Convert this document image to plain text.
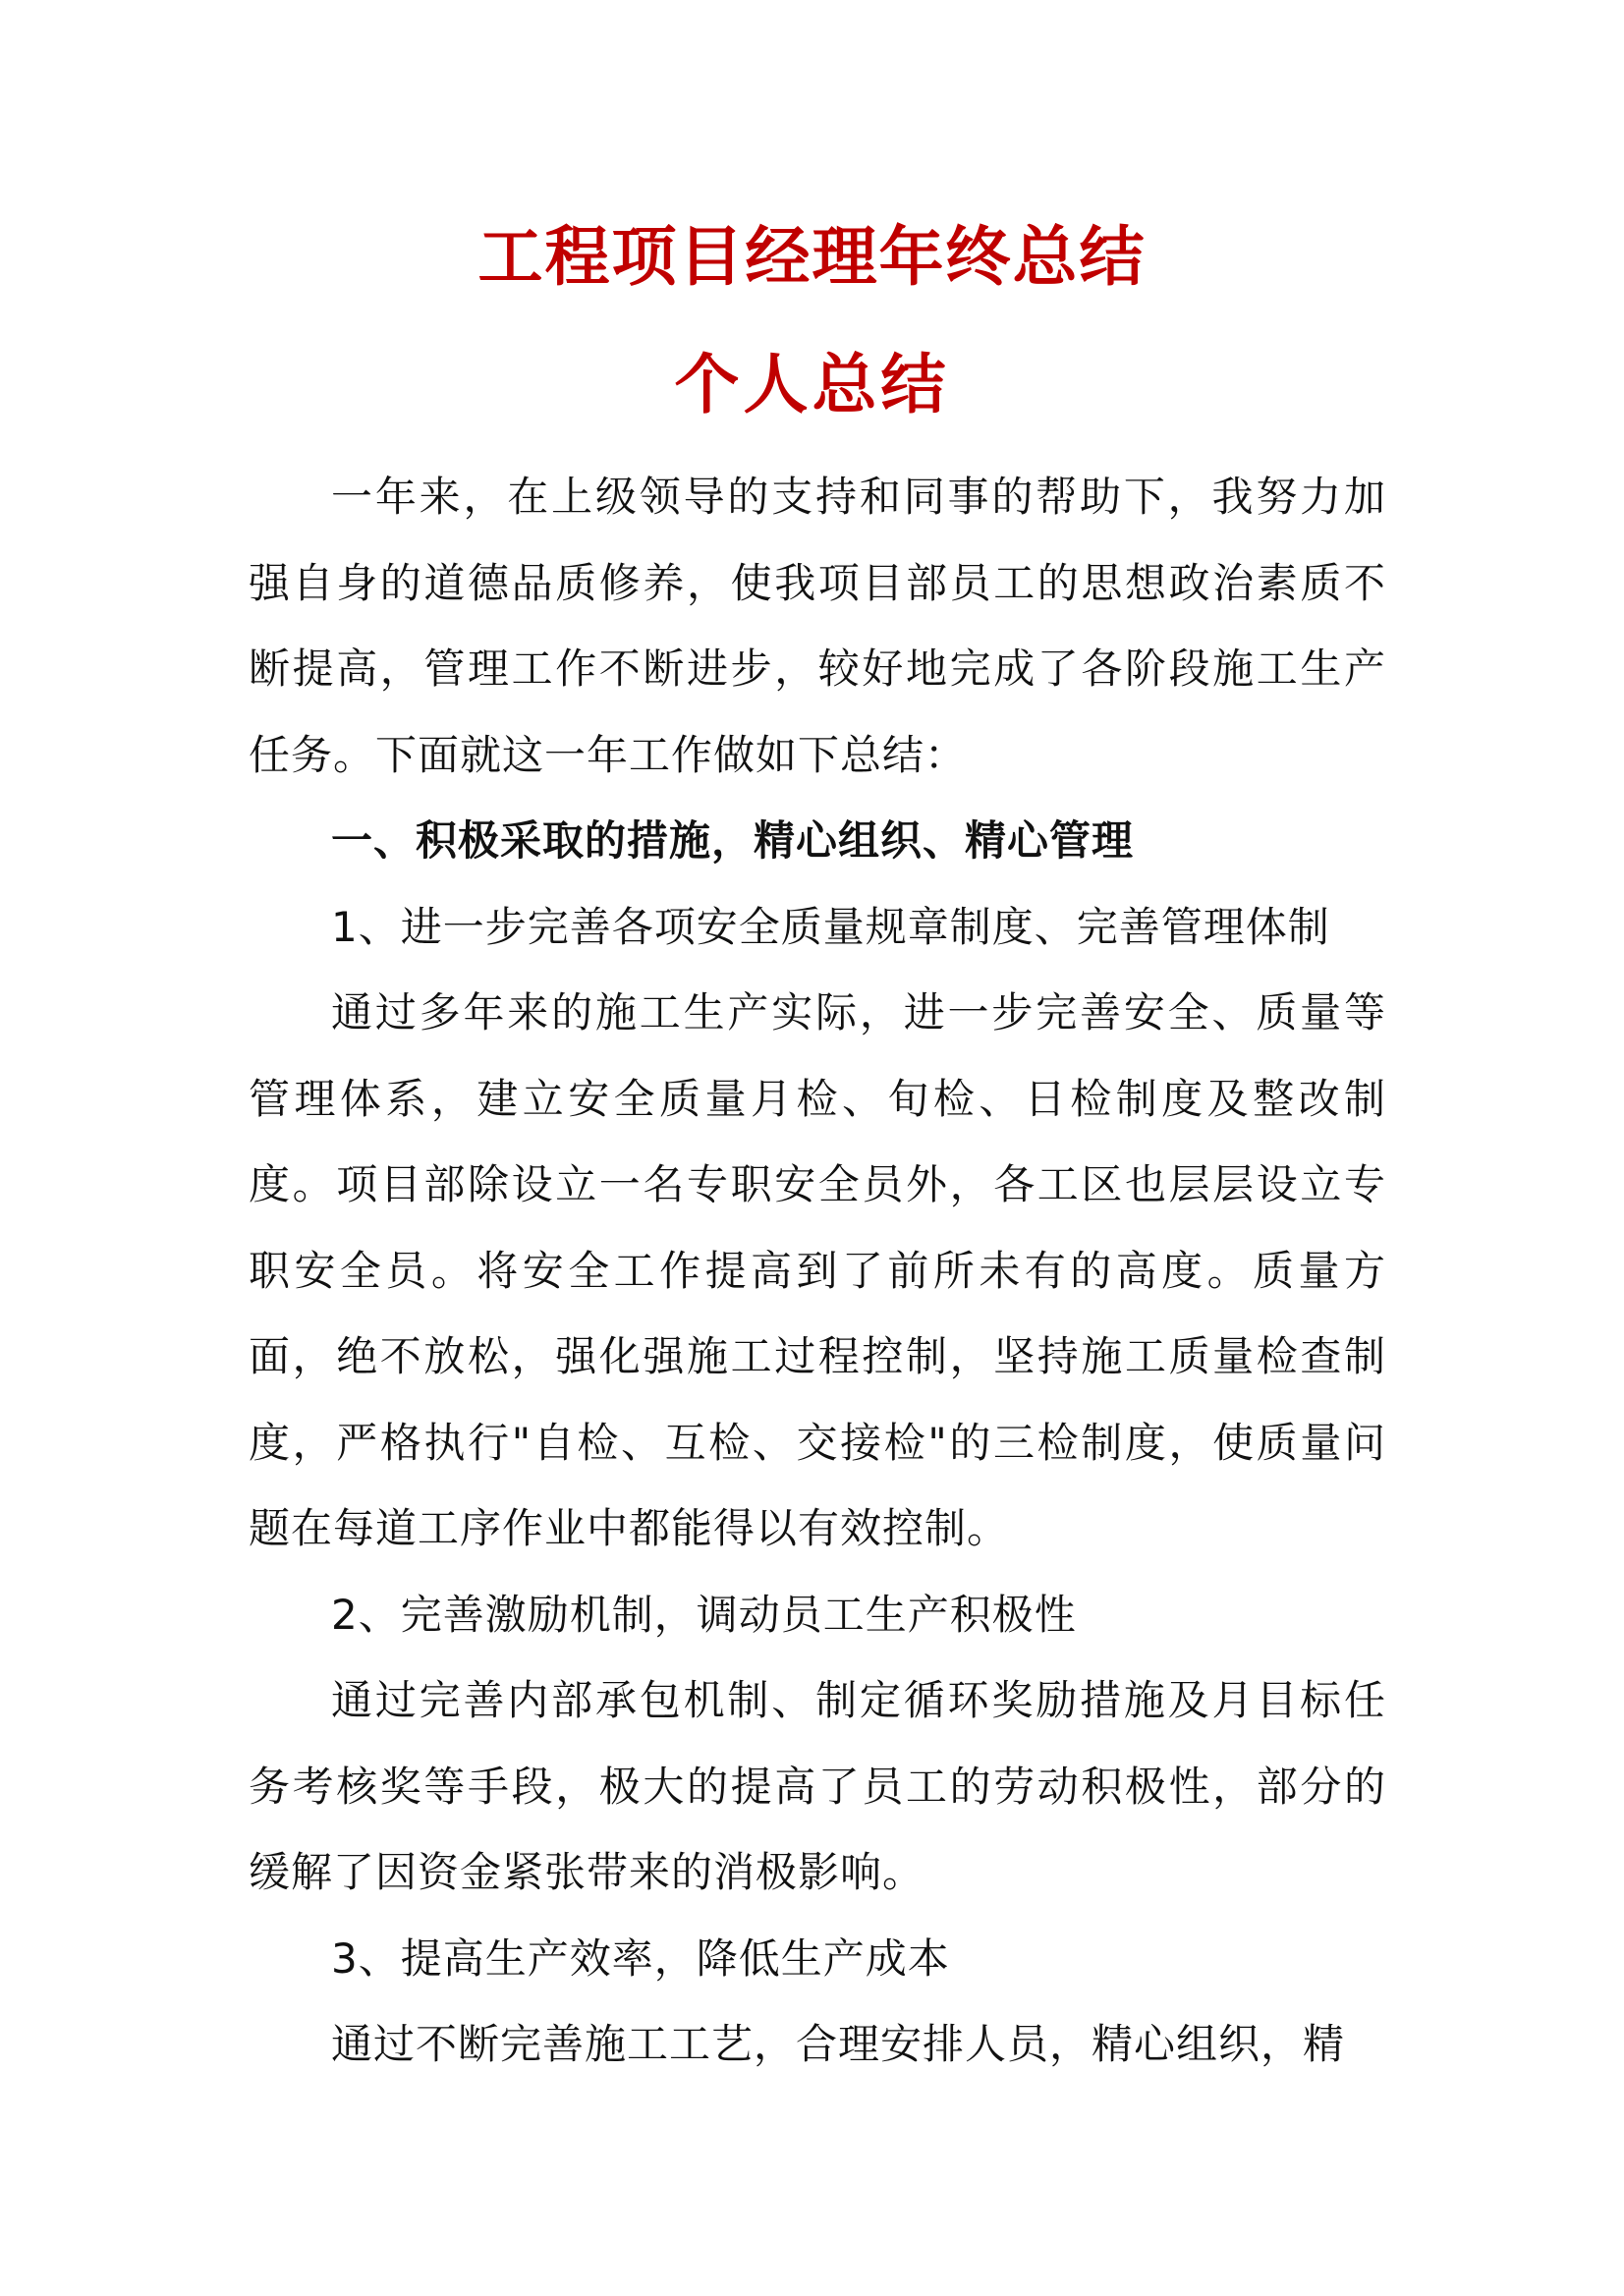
工程项目经理年终总结
个人总结

一年来，在上级领导的支持和同事的帮助下，我努力加强自身的道德品质修养，使我项目部员工的思想政治素质不断提高，管理工作不断进步，较好地完成了各阶段施工生产任务。下面就这一年工作做如下总结：

一、积极采取的措施，精心组织、精心管理

1、进一步完善各项安全质量规章制度、完善管理体制

通过多年来的施工生产实际，进一步完善安全、质量等管理体系，建立安全质量月检、旬检、日检制度及整改制度。项目部除设立一名专职安全员外，各工区也层层设立专职安全员。将安全工作提高到了前所未有的高度。质量方面，绝不放松，强化强施工过程控制，坚持施工质量检查制度，严格执行"自检、互检、交接检"的三检制度，使质量问题在每道工序作业中都能得以有效控制。

2、完善激励机制，调动员工生产积极性

通过完善内部承包机制、制定循环奖励措施及月目标任务考核奖等手段，极大的提高了员工的劳动积极性，部分的缓解了因资金紧张带来的消极影响。

3、提高生产效率，降低生产成本

通过不断完善施工工艺，合理安排人员，精心组织，精
